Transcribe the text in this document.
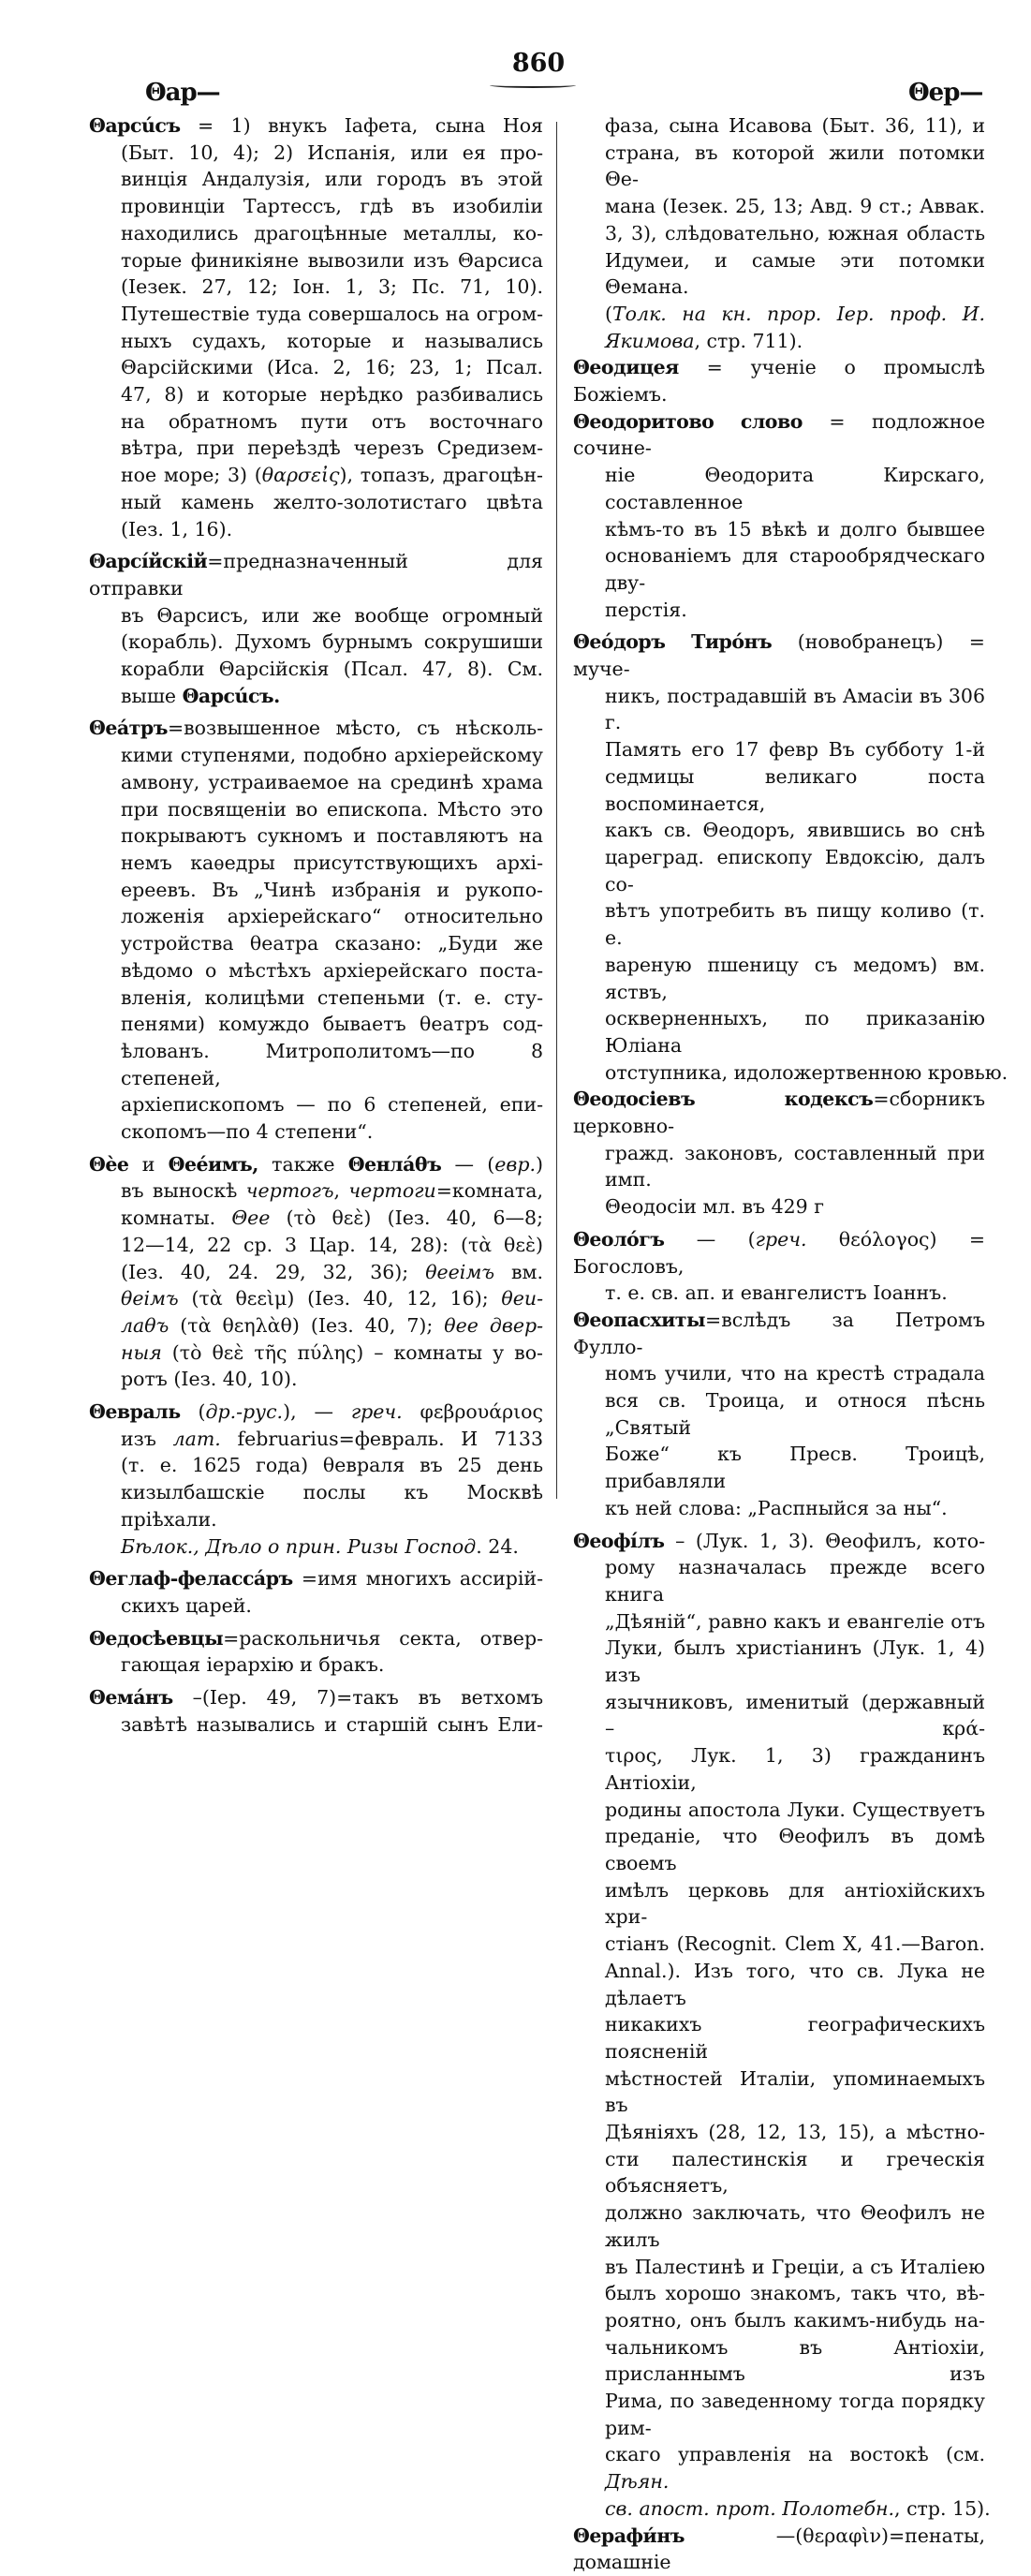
860
Θар—	Θер—
Θарсúсъ = 1) внукъ Іафета, сына Ноя
(Быт. 10, 4); 2) Испанія, или ея про-
винція Андалузія, или городъ въ этой
провинціи Тартессъ, гдѣ въ изобиліи
находились драгоцѣнные металлы, ко-
торые финикіяне вывозили изъ Θарсиса
(Іезек. 27, 12; Іон. 1, 3; Пс. 71, 10).
Путешествіе туда совершалось на огром-
ныхъ судахъ, которые и назывались
Θарсійскими (Иса. 2, 16; 23, 1; Псал.
47, 8) и которые нерѣдко разбивались
на обратномъ пути отъ восточнаго
вѣтра, при переѣздѣ черезъ Средизем-
ное море; 3) (θαρσεἰς), топазъ, драгоцѣн-
ный камень желто-золотистаго цвѣта
(Іез. 1, 16).
Θарсíйскій=предназначенный для отправки
въ Θарсисъ, или же вообще огромный
(корабль). Духомъ бурнымъ сокрушиши
корабли Θарсійскія (Псал. 47, 8). См.
выше Θарсúсъ.
Θеáтръ=возвышенное мѣсто, съ нѣсколь-
кими ступенями, подобно архіерейскому
амвону, устраиваемое на срединѣ храма
при посвященіи во епископа. Мѣсто это
покрываютъ сукномъ и поставляютъ на
немъ каѳедры присутствующихъ архі-
ереевъ. Въ „Чинѣ избранія и рукопо-
ложенія архіерейскаго“ относительно
устройства θеатра сказано: „Буди же
вѣдомо о мѣстѣхъ архіерейскаго поста-
вленія, колицѣми степеньми (т. е. сту-
пенями) комуждо бываетъ θеатръ сод-
ѣлованъ. Митрополитомъ—по 8 степеней,
архіепископомъ — по 6 степеней, епи-
скопомъ—по 4 степени“.
Θèе и Θеéимъ, также Θенлáθъ — (евр.)
въ выноскѣ чертогъ, чертоги=комната,
комнаты. Θее (τὸ θεὲ) (Іез. 40, 6—8;
12—14, 22 ср. 3 Цар. 14, 28): (τὰ θεὲ)
(Іез. 40, 24. 29, 32, 36); θееімъ вм.
θеімъ (τὰ θεεὶμ) (Іез. 40, 12, 16); θеи-
лаθъ (τὰ θεηλὰθ) (Іез. 40, 7); θее двер-
ныя (τὸ θεὲ τῆς πύλης) – комнаты у во-
ротъ (Іез. 40, 10).
Θевраль (др.-рус.), — греч. φεβρουάριος
изъ лат. februarius=февраль. И 7133
(т. е. 1625 года) θевраля въ 25 день
кизылбашскіе послы къ Москвѣ пріѣхали.
Бѣлок., Дѣло о прин. Ризы Господ. 24.
Θеглаф-фелассáръ =имя многихъ ассирій-
скихъ царей.
Θедосѣевцы=раскольничья секта, отвер-
гающая іерархію и бракъ.
Θемáнъ –(Іер. 49, 7)=такъ въ ветхомъ
завѣтѣ назывались и старшій сынъ Ели-
фаза, сына Исавова (Быт. 36, 11), и
страна, въ которой жили потомки Θе-
мана (Іезек. 25, 13; Авд. 9 ст.; Аввак.
3, 3), слѣдовательно, южная область
Идумеи, и самые эти потомки Θемана.
(Толк. на кн. прор. Іер. проф. И.
Якимова, стр. 711).
Θеодицея = ученіе о промыслѣ Божіемъ.
Θеодоритово слово = подложное сочине-
ніе Θеодорита Кирскаго, составленное
кѣмъ-то въ 15 вѣкѣ и долго бывшее
основаніемъ для старообрядческаго дву-
перстія.
Θеóдоръ Тирóнъ (новобранецъ) = муче-
никъ, пострадавшій въ Амасіи въ 306 г.
Память его 17 февр Въ субботу 1-й
седмицы великаго поста воспоминается,
какъ св. Θеодоръ, явившись во снѣ
цареград. епископу Евдоксію, далъ со-
вѣтъ употребить въ пищу коливо (т. е.
вареную пшеницу съ медомъ) вм. яствъ,
оскверненныхъ, по приказанію Юліана
отступника, идоложертвенною кровью.
Θеодосіевъ кодексъ=сборникъ церковно-
гражд. законовъ, составленный при имп.
Θеодосіи мл. въ 429 г
Θеолóгъ — (греч. θεόλογος) = Богословъ,
т. е. св. ап. и евангелистъ Іоаннъ.
Θеопасхиты=вслѣдъ за Петромъ Фулло-
номъ учили, что на крестѣ страдала
вся св. Троица, и относя пѣснь „Святый
Боже“ къ Пресв. Троицѣ, прибавляли
къ ней слова: „Распныйся за ны“.
Θеофíлъ – (Лук. 1, 3). Θеофилъ, кото-
рому назначалась прежде всего книга
„Дѣяній“, равно какъ и евангеліе отъ
Луки, былъ христіанинъ (Лук. 1, 4) изъ
язычниковъ, именитый (державный – κρά-
τιρος, Лук. 1, 3) гражданинъ Антіохіи,
родины апостола Луки. Существуетъ
преданіе, что Θеофилъ въ домѣ своемъ
имѣлъ церковь для антіохійскихъ хри-
стіанъ (Recognit. Clem X, 41.—Baron.
Annal.). Изъ того, что св. Лука не дѣлаетъ
никакихъ географическихъ поясненій
мѣстностей Италіи, упоминаемыхъ въ
Дѣяніяхъ (28, 12, 13, 15), а мѣстно-
сти палестинскія и греческія объясняетъ,
должно заключать, что Θеофилъ не жилъ
въ Палестинѣ и Греціи, а съ Италіею
былъ хорошо знакомъ, такъ что, вѣ-
роятно, онъ былъ какимъ-нибудь на-
чальникомъ въ Антіохіи, присланнымъ изъ
Рима, по заведенному тогда порядку рим-
скаго управленія на востокѣ (см. Дѣян.
св. апост. прот. Полотебн., стр. 15).
Θерафи́нъ —(θεραφὶν)=пенаты, домашніе
